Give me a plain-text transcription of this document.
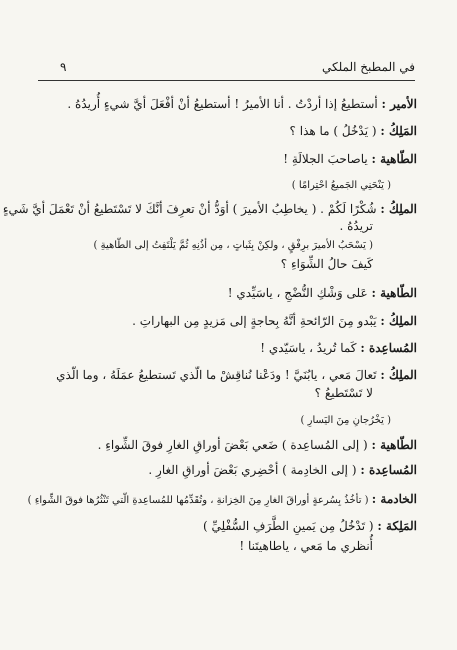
في المطبخ الملكي
٩
الأمير : أستطيعُ إذا أردْتُ . أنا الأميرُ ! أستطيعُ أنْ أفْعَلَ أيَّ شيءٍ أُريدُهُ .
المَلِكُ : ( يَدْخُلُ ) ما هذا ؟
الطّاهية : ياصاحبَ الجلالَةِ !
( يَنْحَنِي الجَميعُ احْتِرامًا )
الملِكُ : شُكْرًا لَكُمْ . ( يخاطِبُ الأميرَ ) أوَدُّ أنْ تعرِفَ أنَّكَ لا تَسْتَطيعُ أنْ تَعْمَلَ أيَّ شَيءٍ
تريدُهُ .
( يَسْحَبُ الأميرَ برِفْقٍ ، ولكِنْ بِثَباتٍ ، مِن أذُنِهِ ثُمَّ يَلْتَفِتُ إلى الطّاهيةِ )
كَيفَ حالُ الشِّوَاءِ ؟
الطّاهية : عَلى وَشْكِ النُّضْجِ ، ياسَيِّدي !
الملِكُ : يَبْدو مِنَ الرّائحةِ أنَّهُ بِحاجةٍ إلى مَزيدٍ مِن البهاراتِ .
المُساعِدة : كَما تُريدُ ، ياسَيّدي !
الملِكُ : تَعالَ مَعي ، يابُنَيَّ ! ودَعْنا نُناقِشْ ما الّذي تَستطيعُ عمَلَهُ ، وما الّذي
لا تَسْتَطيعُ ؟
( يَخْرُجانِ مِنَ اليَسارِ )
الطّاهية : ( إلى المُساعِدة ) ضَعي بَعْضَ أوراقِ الغارِ فوقَ الشِّواءِ .
المُساعِدة : ( إلى الخادِمة ) أحْضِري بَعْضَ أوراقِ الغارِ .
الخادمة : ( تأخُذُ بِسُرعةٍ أوراقَ الغارِ مِنَ الخِزانةِ ، وتُقَدِّمُها للمُساعِدةِ الّتي تَنْثُرُها فوقَ الشِّواءِ )
المَلِكة : ( تَدْخُلُ مِن يَمينِ الطَّرَفِ السُّفْلِيِّ )
أُنظري ما مَعي ، ياطاهيتَنا !
